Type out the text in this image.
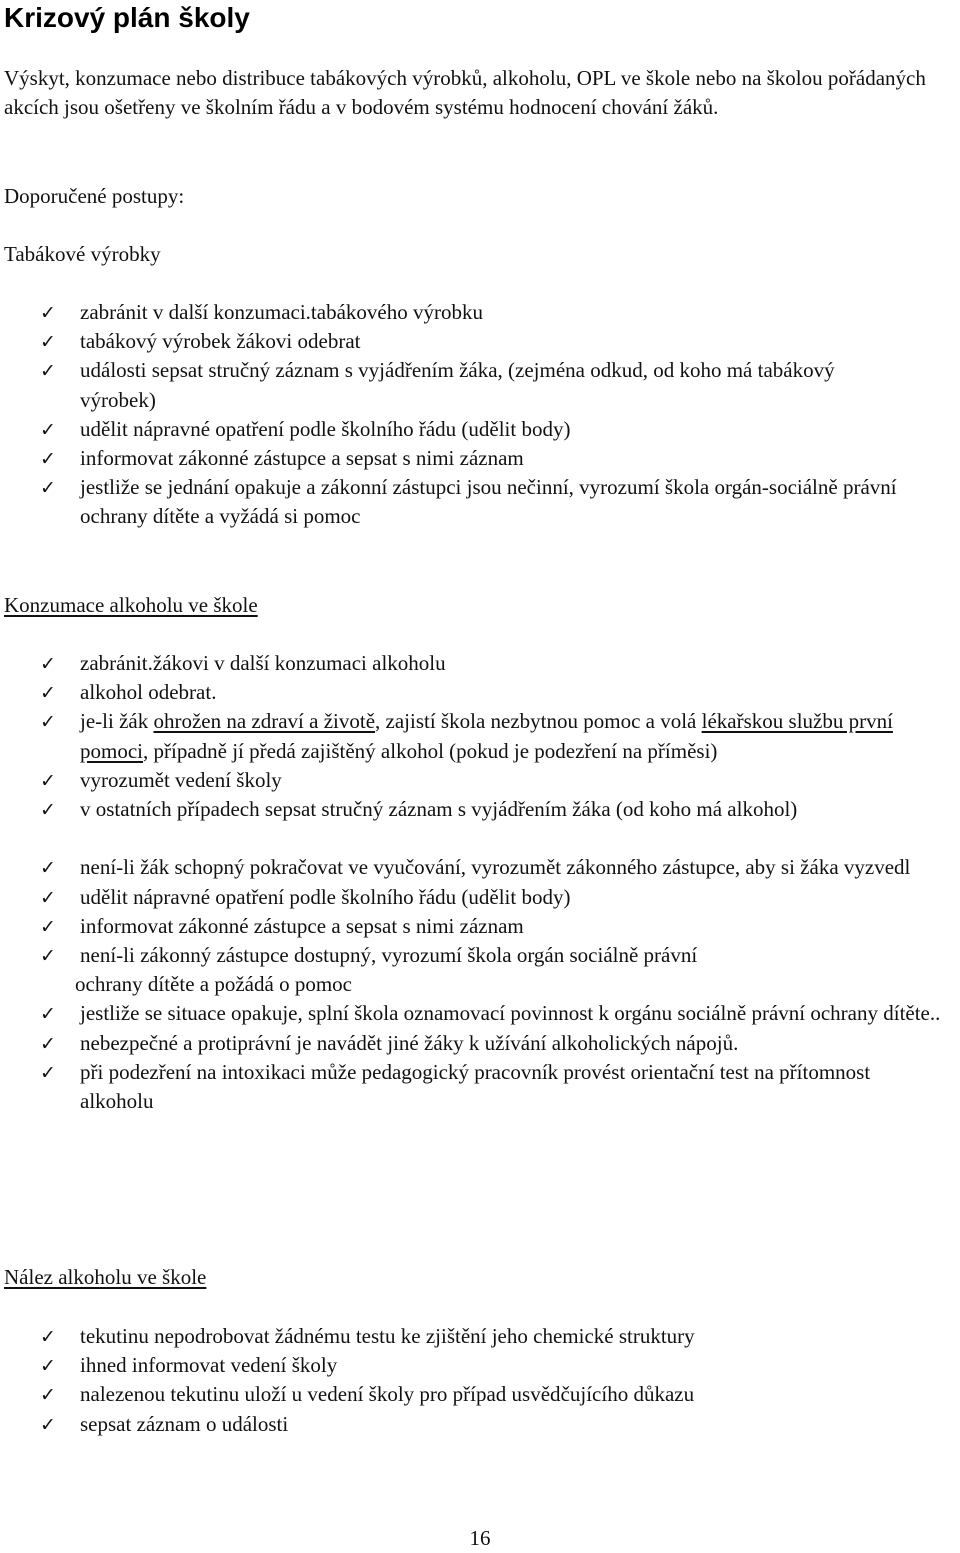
Krizový plán školy

Výskyt, konzumace nebo distribuce tabákových výrobků, alkoholu, OPL ve škole nebo na školou pořádaných akcích jsou ošetřeny ve školním řádu a v bodovém systému hodnocení chování žáků.

Doporučené postupy:

Tabákové výrobky

✓ zabránit v další konzumaci.tabákového výrobku
✓ tabákový výrobek žákovi odebrat
✓ události sepsat stručný záznam s vyjádřením žáka, (zejména odkud, od koho má tabákový výrobek)
✓ udělit nápravné opatření podle školního řádu (udělit body)
✓ informovat zákonné zástupce a sepsat s nimi záznam
✓ jestliže se jednání opakuje a zákonní zástupci jsou nečinní, vyrozumí škola orgán-sociálně právní ochrany dítěte a vyžádá si pomoc

Konzumace alkoholu ve škole

✓ zabránit.žákovi v další konzumaci alkoholu
✓ alkohol odebrat.
✓ je-li žák ohrožen na zdraví a životě, zajistí škola nezbytnou pomoc a volá lékařskou službu první pomoci, případně jí předá zajištěný alkohol (pokud je podezření na příměsi)
✓ vyrozumět vedení školy
✓ v ostatních případech sepsat stručný záznam s vyjádřením žáka (od koho má alkohol)
✓ není-li žák schopný pokračovat ve vyučování, vyrozumět zákonného zástupce, aby si žáka vyzvedl
✓ udělit nápravné opatření podle školního řádu (udělit body)
✓ informovat zákonné zástupce a sepsat s nimi záznam
✓ není-li zákonný zástupce dostupný, vyrozumí škola orgán sociálně právní
ochrany dítěte a požádá o pomoc
✓ jestliže se situace opakuje, splní škola oznamovací povinnost k orgánu sociálně právní ochrany dítěte..
✓ nebezpečné a protiprávní je navádět jiné žáky k užívání alkoholických nápojů.
✓ při podezření na intoxikaci může pedagogický pracovník provést orientační test na přítomnost alkoholu

Nález alkoholu ve škole

✓ tekutinu nepodrobovat žádnému testu ke zjištění jeho chemické struktury
✓ ihned informovat vedení školy
✓ nalezenou tekutinu uloží u vedení školy pro případ usvědčujícího důkazu
✓ sepsat záznam o události

16
